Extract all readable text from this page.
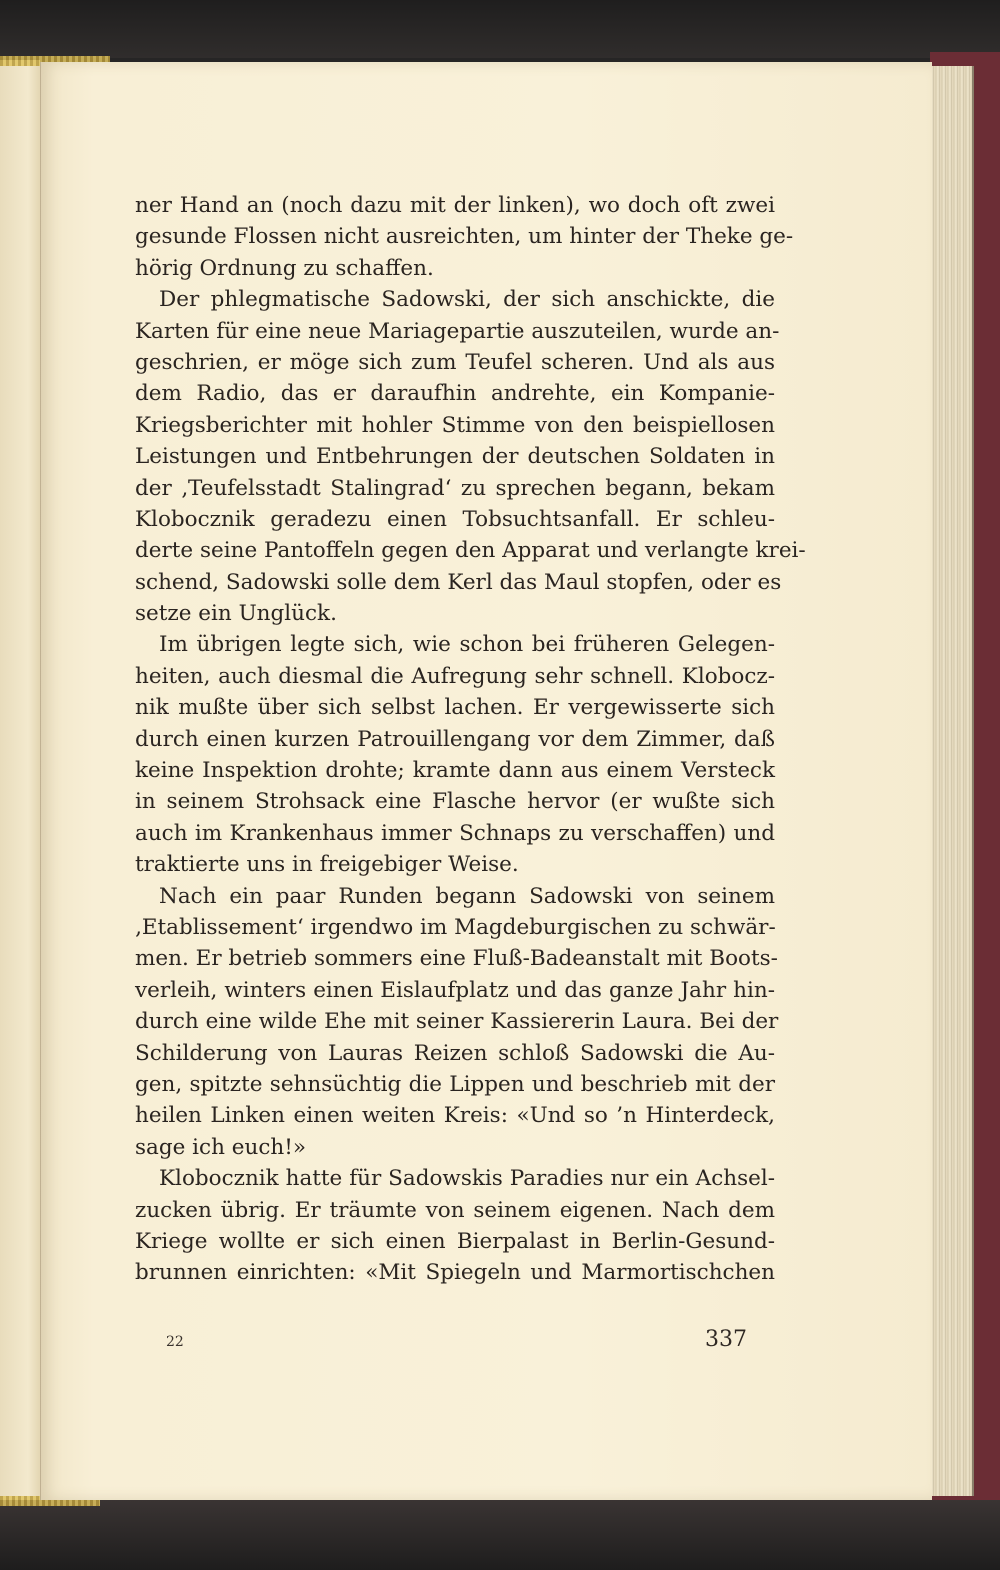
ner Hand an (noch dazu mit der linken), wo doch oft zwei
gesunde Flossen nicht ausreichten, um hinter der Theke ge-
hörig Ordnung zu schaffen.
Der phlegmatische Sadowski, der sich anschickte, die
Karten für eine neue Mariagepartie auszuteilen, wurde an-
geschrien, er möge sich zum Teufel scheren. Und als aus
dem Radio, das er daraufhin andrehte, ein Kompanie-
Kriegsberichter mit hohler Stimme von den beispiellosen
Leistungen und Entbehrungen der deutschen Soldaten in
der ‚Teufelsstadt Stalingrad‘ zu sprechen begann, bekam
Klobocznik geradezu einen Tobsuchtsanfall. Er schleu-
derte seine Pantoffeln gegen den Apparat und verlangte krei-
schend, Sadowski solle dem Kerl das Maul stopfen, oder es
setze ein Unglück.
Im übrigen legte sich, wie schon bei früheren Gelegen-
heiten, auch diesmal die Aufregung sehr schnell. Klobocz-
nik mußte über sich selbst lachen. Er vergewisserte sich
durch einen kurzen Patrouillengang vor dem Zimmer, daß
keine Inspektion drohte; kramte dann aus einem Versteck
in seinem Strohsack eine Flasche hervor (er wußte sich
auch im Krankenhaus immer Schnaps zu verschaffen) und
traktierte uns in freigebiger Weise.
Nach ein paar Runden begann Sadowski von seinem
‚Etablissement‘ irgendwo im Magdeburgischen zu schwär-
men. Er betrieb sommers eine Fluß-Badeanstalt mit Boots-
verleih, winters einen Eislaufplatz und das ganze Jahr hin-
durch eine wilde Ehe mit seiner Kassiererin Laura. Bei der
Schilderung von Lauras Reizen schloß Sadowski die Au-
gen, spitzte sehnsüchtig die Lippen und beschrieb mit der
heilen Linken einen weiten Kreis: «Und so ’n Hinterdeck,
sage ich euch!»
Klobocznik hatte für Sadowskis Paradies nur ein Achsel-
zucken übrig. Er träumte von seinem eigenen. Nach dem
Kriege wollte er sich einen Bierpalast in Berlin-Gesund-
brunnen einrichten: «Mit Spiegeln und Marmortischchen
22	337
